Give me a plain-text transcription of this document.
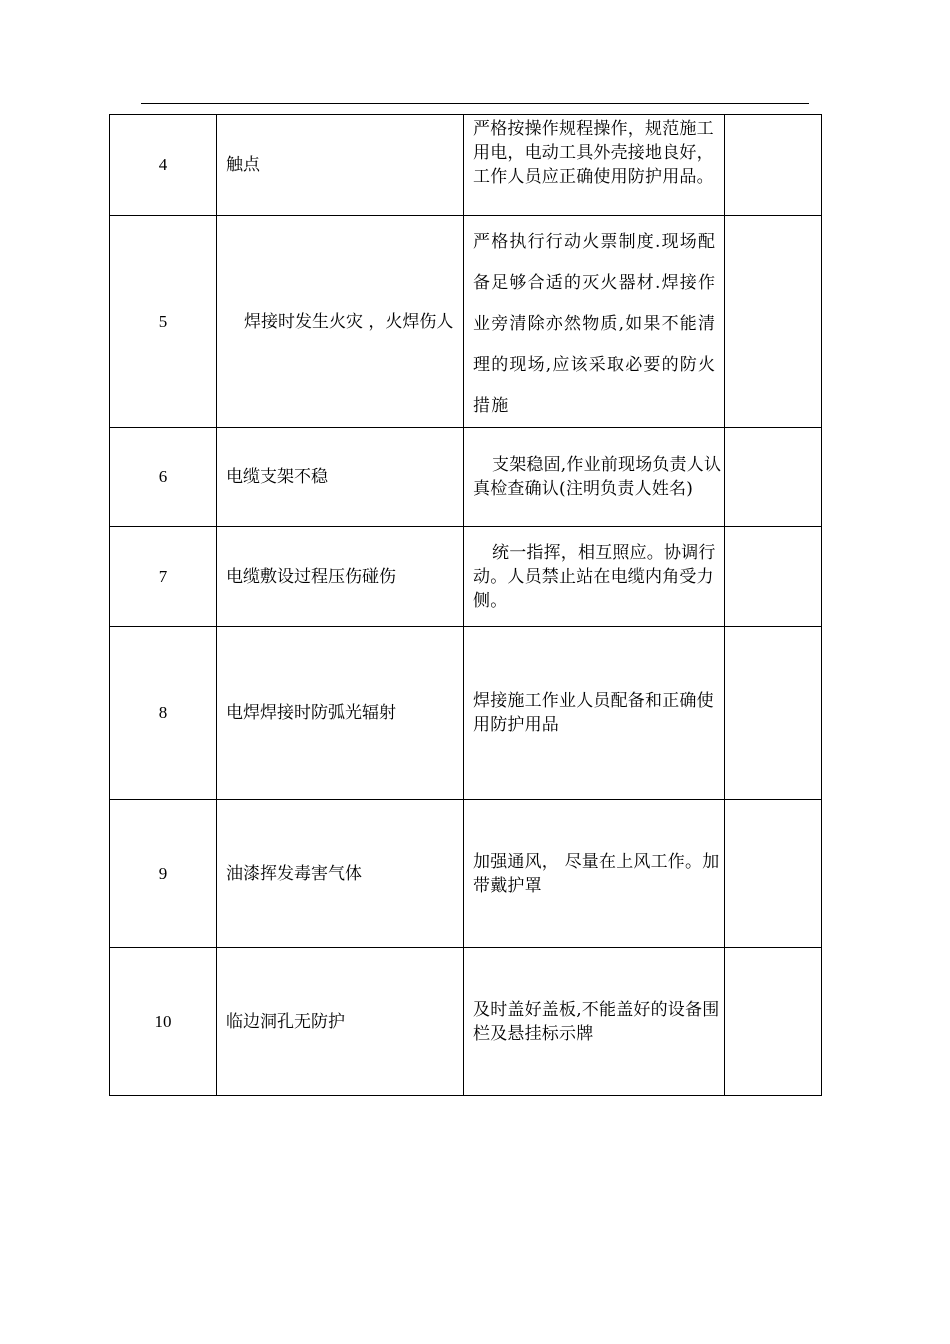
4	触点	严格按操作规程操作，规范施工用电，电动工具外壳接地良好，工作人员应正确使用防护用品。	
5	焊接时发生火灾 ，火焊伤人	严格执行行动火票制度.现场配备足够合适的灭火器材.焊接作业旁清除亦然物质,如果不能清理的现场,应该采取必要的防火措施	
6	电缆支架不稳	支架稳固,作业前现场负责人认真检查确认(注明负责人姓名)	
7	电缆敷设过程压伤碰伤	统一指挥，相互照应。协调行动。人员禁止站在电缆内角受力侧。	
8	电焊焊接时防弧光辐射	焊接施工作业人员配备和正确使用防护用品	
9	油漆挥发毒害气体	加强通风， 尽量在上风工作。加带戴护罩	
10	临边洞孔无防护	及时盖好盖板,不能盖好的设备围栏及悬挂标示牌	
